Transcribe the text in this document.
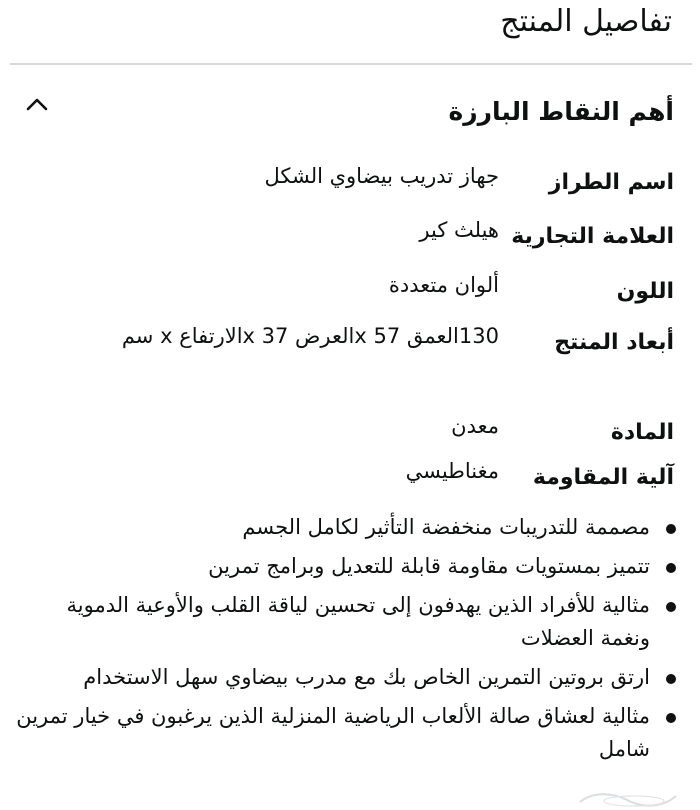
تفاصيل المنتج
أهم النقاط البارزة
اسم الطراز
جهاز تدريب بيضاوي الشكل
العلامة التجارية
هيلث كير
اللون
ألوان متعددة
أبعاد المنتج
130العمق x 57العرض x 37الارتفاع x سم
المادة
معدن
آلية المقاومة
مغناطيسي
مصممة للتدريبات منخفضة التأثير لكامل الجسم
تتميز بمستويات مقاومة قابلة للتعديل وبرامج تمرين
مثالية للأفراد الذين يهدفون إلى تحسين لياقة القلب والأوعية الدموية ونغمة العضلات
ارتق بروتين التمرين الخاص بك مع مدرب بيضاوي سهل الاستخدام
مثالية لعشاق صالة الألعاب الرياضية المنزلية الذين يرغبون في خيار تمرين شامل
